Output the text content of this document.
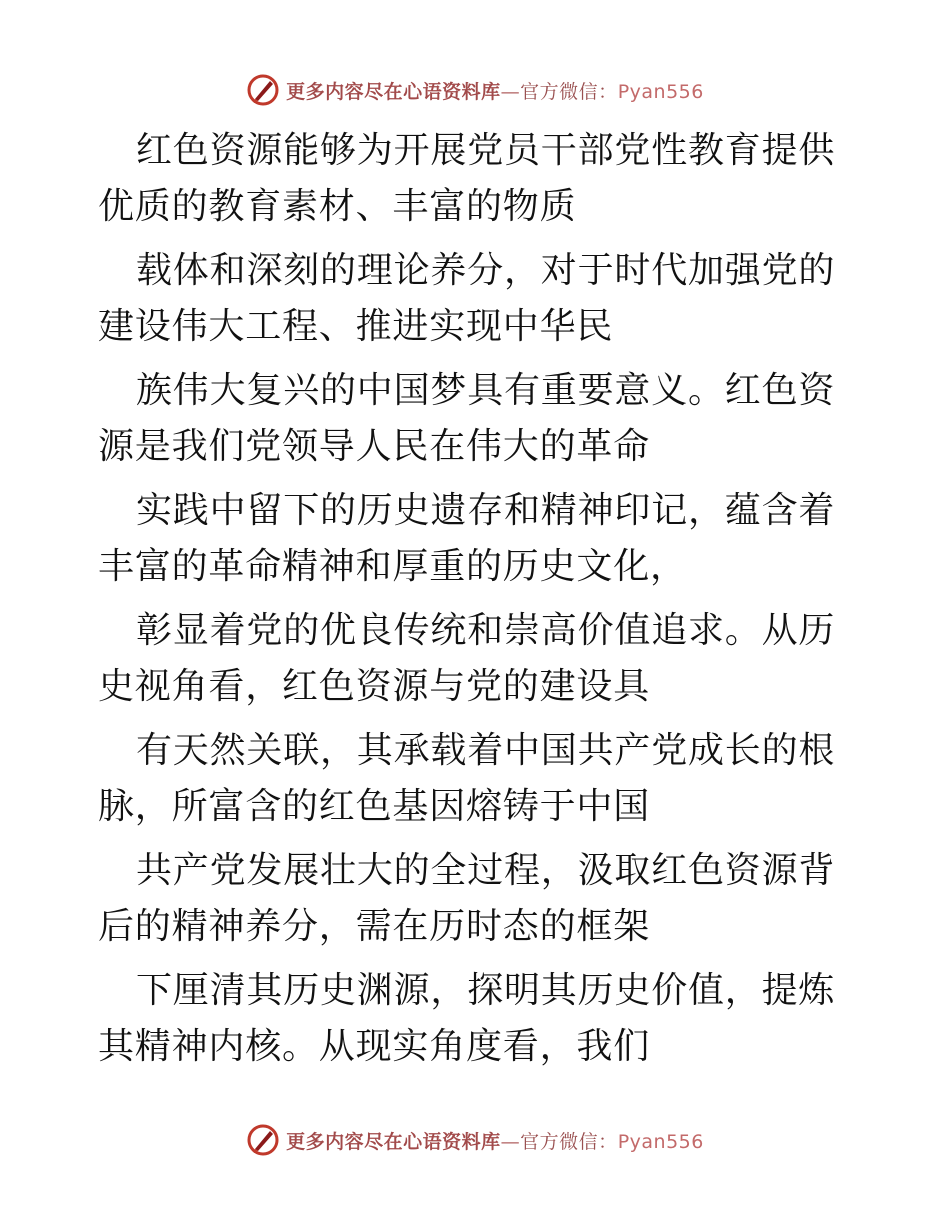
更多内容尽在心语资料库—官方微信：Pyan556

红色资源能够为开展党员干部党性教育提供优质的教育素材、丰富的物质

载体和深刻的理论养分，对于时代加强党的建设伟大工程、推进实现中华民

族伟大复兴的中国梦具有重要意义。红色资源是我们党领导人民在伟大的革命

实践中留下的历史遗存和精神印记，蕴含着丰富的革命精神和厚重的历史文化，

彰显着党的优良传统和崇高价值追求。从历史视角看，红色资源与党的建设具

有天然关联，其承载着中国共产党成长的根脉，所富含的红色基因熔铸于中国

共产党发展壮大的全过程，汲取红色资源背后的精神养分，需在历时态的框架

下厘清其历史渊源，探明其历史价值，提炼其精神内核。从现实角度看，我们

更多内容尽在心语资料库—官方微信：Pyan556
